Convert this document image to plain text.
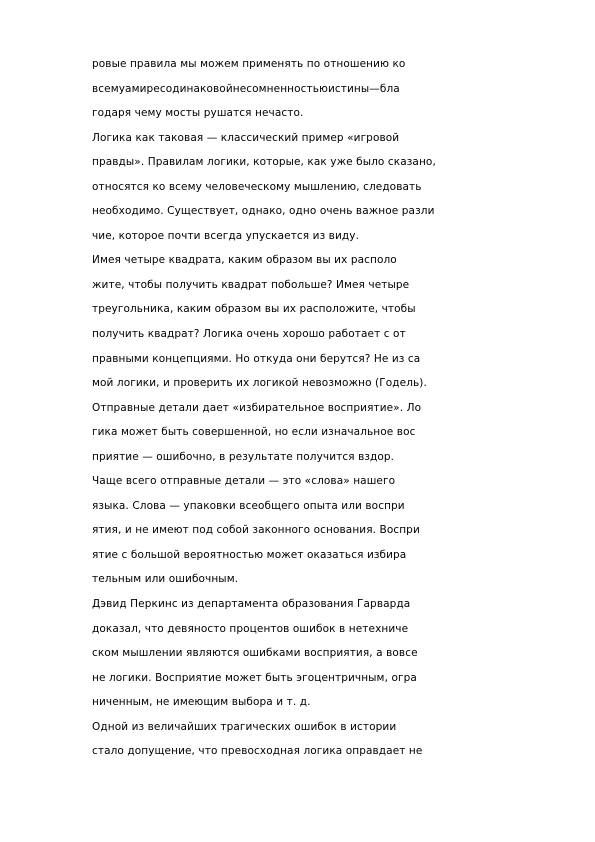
ровые правила мы можем применять по отношению ко
всемуамиресодинаковойнесомненностьюистины—бла
годаря чему мосты рушатся нечасто.
Логика как таковая — классический пример «игровой
правды». Правилам логики, которые, как уже было сказано,
относятся ко всему человеческому мышлению, следовать
необходимо. Существует, однако, одно очень важное разли
чие, которое почти всегда упускается из виду.
Имея четыре квадрата, каким образом вы их располо
жите, чтобы получить квадрат побольше? Имея четыре
треугольника, каким образом вы их расположите, чтобы
получить квадрат? Логика очень хорошо работает с от
правными концепциями. Но откуда они берутся? Не из са
мой логики, и проверить их логикой невозможно (Годель).
Отправные детали дает «избирательное восприятие». Ло
гика может быть совершенной, но если изначальное вос
приятие — ошибочно, в результате получится вздор.
Чаще всего отправные детали — это «слова» нашего
языка. Слова — упаковки всеобщего опыта или воспри
ятия, и не имеют под собой законного основания. Воспри
ятие с большой вероятностью может оказаться избира
тельным или ошибочным.
Дэвид Перкинс из департамента образования Гарварда
доказал, что девяносто процентов ошибок в нетехниче
ском мышлении являются ошибками восприятия, а вовсе
не логики. Восприятие может быть эгоцентричным, огра
ниченным, не имеющим выбора и т. д.
Одной из величайших трагических ошибок в истории
стало допущение, что превосходная логика оправдает не
